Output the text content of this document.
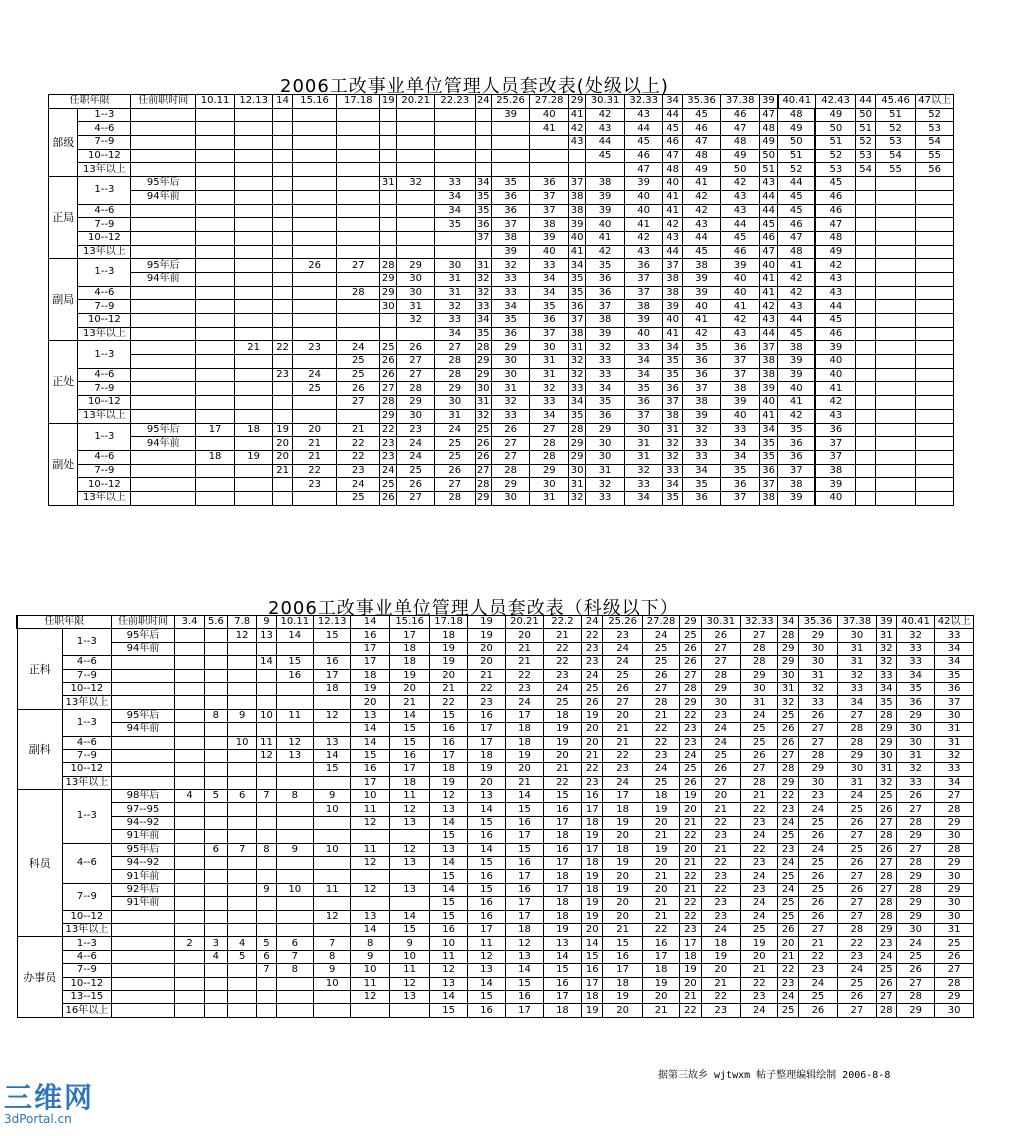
2006工改事业单位管理人员套改表(处级以上)
任职年限		任前职时间	10.11	12.13	14	15.16	17.18	19	20.21	22.23	24	25.26	27.28	29	30.31	32.33	34	35.36	37.38	39	40.41	42.43	44	45.46	47以上
部级	1--3											39	40	41	42	43	44	45	46	47	48	49	50	51	52
	4--6												41	42	43	44	45	46	47	48	49	50	51	52	53
	7--9													43	44	45	46	47	48	49	50	51	52	53	54
	10--12														45	46	47	48	49	50	51	52	53	54	55
	13年以上															47	48	49	50	51	52	53	54	55	56
正局	1--3	95年后						31	32	33	34	35	36	37	38	39	40	41	42	43	44	45			
		94年前								34	35	36	37	38	39	40	41	42	43	44	45	46			
	4--6									34	35	36	37	38	39	40	41	42	43	44	45	46			
	7--9									35	36	37	38	39	40	41	42	43	44	45	46	47			
	10--12										37	38	39	40	41	42	43	44	45	46	47	48			
	13年以上											39	40	41	42	43	44	45	46	47	48	49			
副局	1--3	95年后				26	27	28	29	30	31	32	33	34	35	36	37	38	39	40	41	42			
		94年前						29	30	31	32	33	34	35	36	37	38	39	40	41	42	43			
	4--6						28	29	30	31	32	33	34	35	36	37	38	39	40	41	42	43			
	7--9							30	31	32	33	34	35	36	37	38	39	40	41	42	43	44			
	10--12								32	33	34	35	36	37	38	39	40	41	42	43	44	45			
	13年以上									34	35	36	37	38	39	40	41	42	43	44	45	46			
正处	1--3			21	22	23	24	25	26	27	28	29	30	31	32	33	34	35	36	37	38	39			
							25	26	27	28	29	30	31	32	33	34	35	36	37	38	39	40			
	4--6				23	24	25	26	27	28	29	30	31	32	33	34	35	36	37	38	39	40			
	7--9					25	26	27	28	29	30	31	32	33	34	35	36	37	38	39	40	41			
	10--12						27	28	29	30	31	32	33	34	35	36	37	38	39	40	41	42			
	13年以上							29	30	31	32	33	34	35	36	37	38	39	40	41	42	43			
副处	1--3	95年后	17	18	19	20	21	22	23	24	25	26	27	28	29	30	31	32	33	34	35	36			
		94年前			20	21	22	23	24	25	26	27	28	29	30	31	32	33	34	35	36	37			
	4--6		18	19	20	21	22	23	24	25	26	27	28	29	30	31	32	33	34	35	36	37			
	7--9				21	22	23	24	25	26	27	28	29	30	31	32	33	34	35	36	37	38			
	10--12					23	24	25	26	27	28	29	30	31	32	33	34	35	36	37	38	39			
	13年以上						25	26	27	28	29	30	31	32	33	34	35	36	37	38	39	40			
2006工改事业单位管理人员套改表（科级以下）
任职年限		任前职时间	3.4	5.6	7.8	9	10.11	12.13	14	15.16	17.18	19	20.21	22.2	24	25.26	27.28	29	30.31	32.33	34	35.36	37.38	39	40.41	42以上
正科	1--3	95年后			12	13	14	15	16	17	18	19	20	21	22	23	24	25	26	27	28	29	30	31	32	33
		94年前							17	18	19	20	21	22	23	24	25	26	27	28	29	30	31	32	33	34
	4--6					14	15	16	17	18	19	20	21	22	23	24	25	26	27	28	29	30	31	32	33	34
	7--9						16	17	18	19	20	21	22	23	24	25	26	27	28	29	30	31	32	33	34	35
	10--12							18	19	20	21	22	23	24	25	26	27	28	29	30	31	32	33	34	35	36
	13年以上								20	21	22	23	24	25	26	27	28	29	30	31	32	33	34	35	36	37
副科	1--3	95年后		8	9	10	11	12	13	14	15	16	17	18	19	20	21	22	23	24	25	26	27	28	29	30
		94年前							14	15	16	17	18	19	20	21	22	23	24	25	26	27	28	29	30	31
	4--6				10	11	12	13	14	15	16	17	18	19	20	21	22	23	24	25	26	27	28	29	30	31
	7--9					12	13	14	15	16	17	18	19	20	21	22	23	24	25	26	27	28	29	30	31	32
	10--12							15	16	17	18	19	20	21	22	23	24	25	26	27	28	29	30	31	32	33
	13年以上								17	18	19	20	21	22	23	24	25	26	27	28	29	30	31	32	33	34
科员	1--3	98年后	4	5	6	7	8	9	10	11	12	13	14	15	16	17	18	19	20	21	22	23	24	25	26	27
		97--95						10	11	12	13	14	15	16	17	18	19	20	21	22	23	24	25	26	27	28
		94--92							12	13	14	15	16	17	18	19	20	21	22	23	24	25	26	27	28	29
		91年前									15	16	17	18	19	20	21	22	23	24	25	26	27	28	29	30
	4--6	95年后		6	7	8	9	10	11	12	13	14	15	16	17	18	19	20	21	22	23	24	25	26	27	28
		94--92							12	13	14	15	16	17	18	19	20	21	22	23	24	25	26	27	28	29
		91年前									15	16	17	18	19	20	21	22	23	24	25	26	27	28	29	30
	7--9	92年后				9	10	11	12	13	14	15	16	17	18	19	20	21	22	23	24	25	26	27	28	29
		91年前									15	16	17	18	19	20	21	22	23	24	25	26	27	28	29	30
	10--12							12	13	14	15	16	17	18	19	20	21	22	23	24	25	26	27	28	29	30
	13年以上								14	15	16	17	18	19	20	21	22	23	24	25	26	27	28	29	30	31
办事员	1--3		2	3	4	5	6	7	8	9	10	11	12	13	14	15	16	17	18	19	20	21	22	23	24	25
	4--6			4	5	6	7	8	9	10	11	12	13	14	15	16	17	18	19	20	21	22	23	24	25	26
	7--9					7	8	9	10	11	12	13	14	15	16	17	18	19	20	21	22	23	24	25	26	27
	10--12							10	11	12	13	14	15	16	17	18	19	20	21	22	23	24	25	26	27	28
	13--15								12	13	14	15	16	17	18	19	20	21	22	23	24	25	26	27	28	29
	16年以上										15	16	17	18	19	20	21	22	23	24	25	26	27	28	29	30
据第三故乡 wjtwxm 帖子整理编辑绘制 2006-8-8
三维网
3dPortal.cn
